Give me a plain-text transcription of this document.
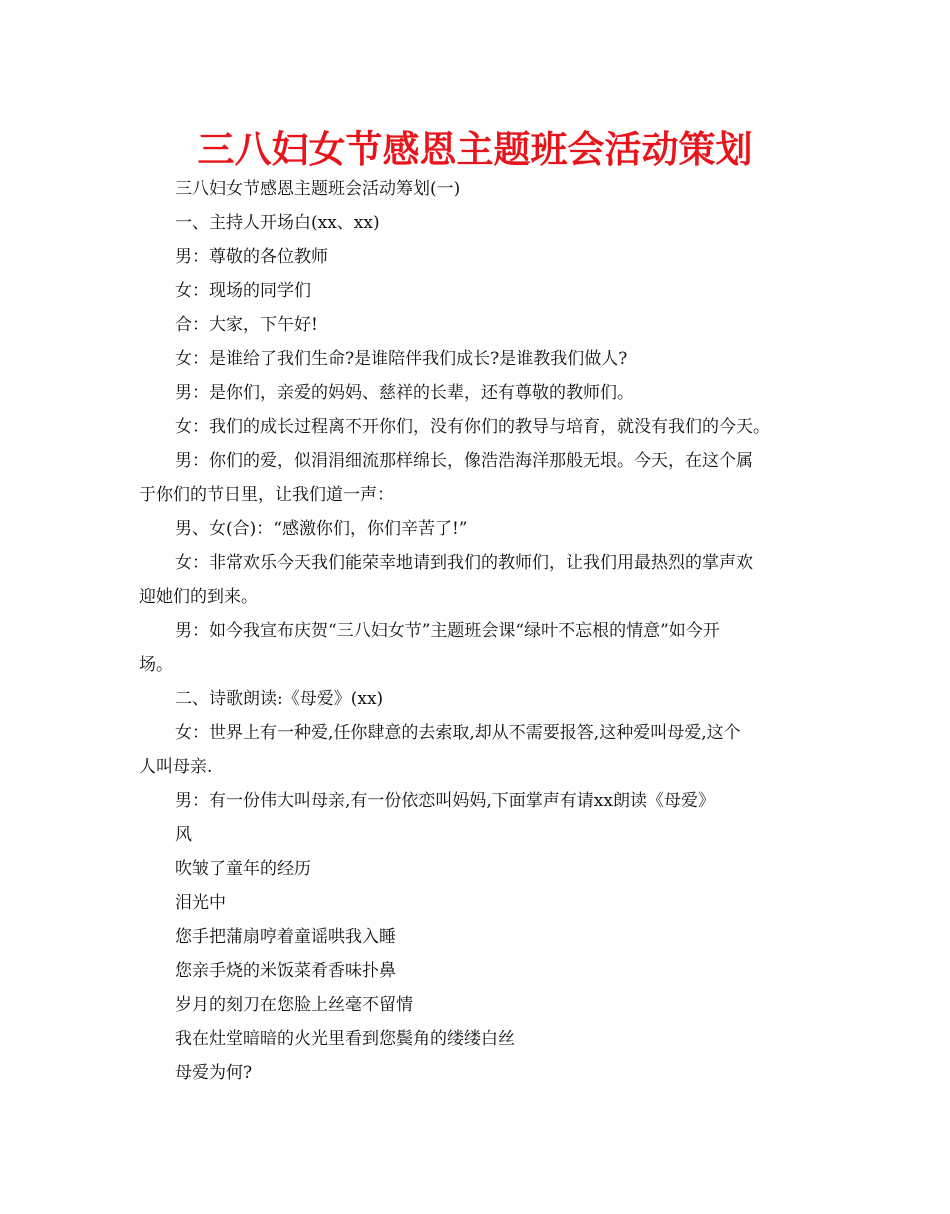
三八妇女节感恩主题班会活动策划

三八妇女节感恩主题班会活动筹划(一)

一、主持人开场白(xx、xx)

男：尊敬的各位教师

女：现场的同学们

合：大家，下午好!

女：是谁给了我们生命?是谁陪伴我们成长?是谁教我们做人?

男：是你们，亲爱的妈妈、慈祥的长辈，还有尊敬的教师们。

女：我们的成长过程离不开你们，没有你们的教导与培育，就没有我们的今天。

男：你们的爱，似涓涓细流那样绵长，像浩浩海洋那般无垠。今天，在这个属

于你们的节日里，让我们道一声：

男、女(合)：“感激你们，你们辛苦了!”

女：非常欢乐今天我们能荣幸地请到我们的教师们，让我们用最热烈的掌声欢

迎她们的到来。

男：如今我宣布庆贺“三八妇女节”主题班会课“绿叶不忘根的情意”如今开

场。

二、诗歌朗读:《母爱》(xx)

女：世界上有一种爱,任你肆意的去索取,却从不需要报答,这种爱叫母爱,这个

人叫母亲.

男：有一份伟大叫母亲,有一份依恋叫妈妈,下面掌声有请xx朗读《母爱》

风

吹皱了童年的经历

泪光中

您手把蒲扇哼着童谣哄我入睡

您亲手烧的米饭菜肴香味扑鼻

岁月的刻刀在您脸上丝毫不留情

我在灶堂暗暗的火光里看到您鬓角的缕缕白丝

母爱为何?
